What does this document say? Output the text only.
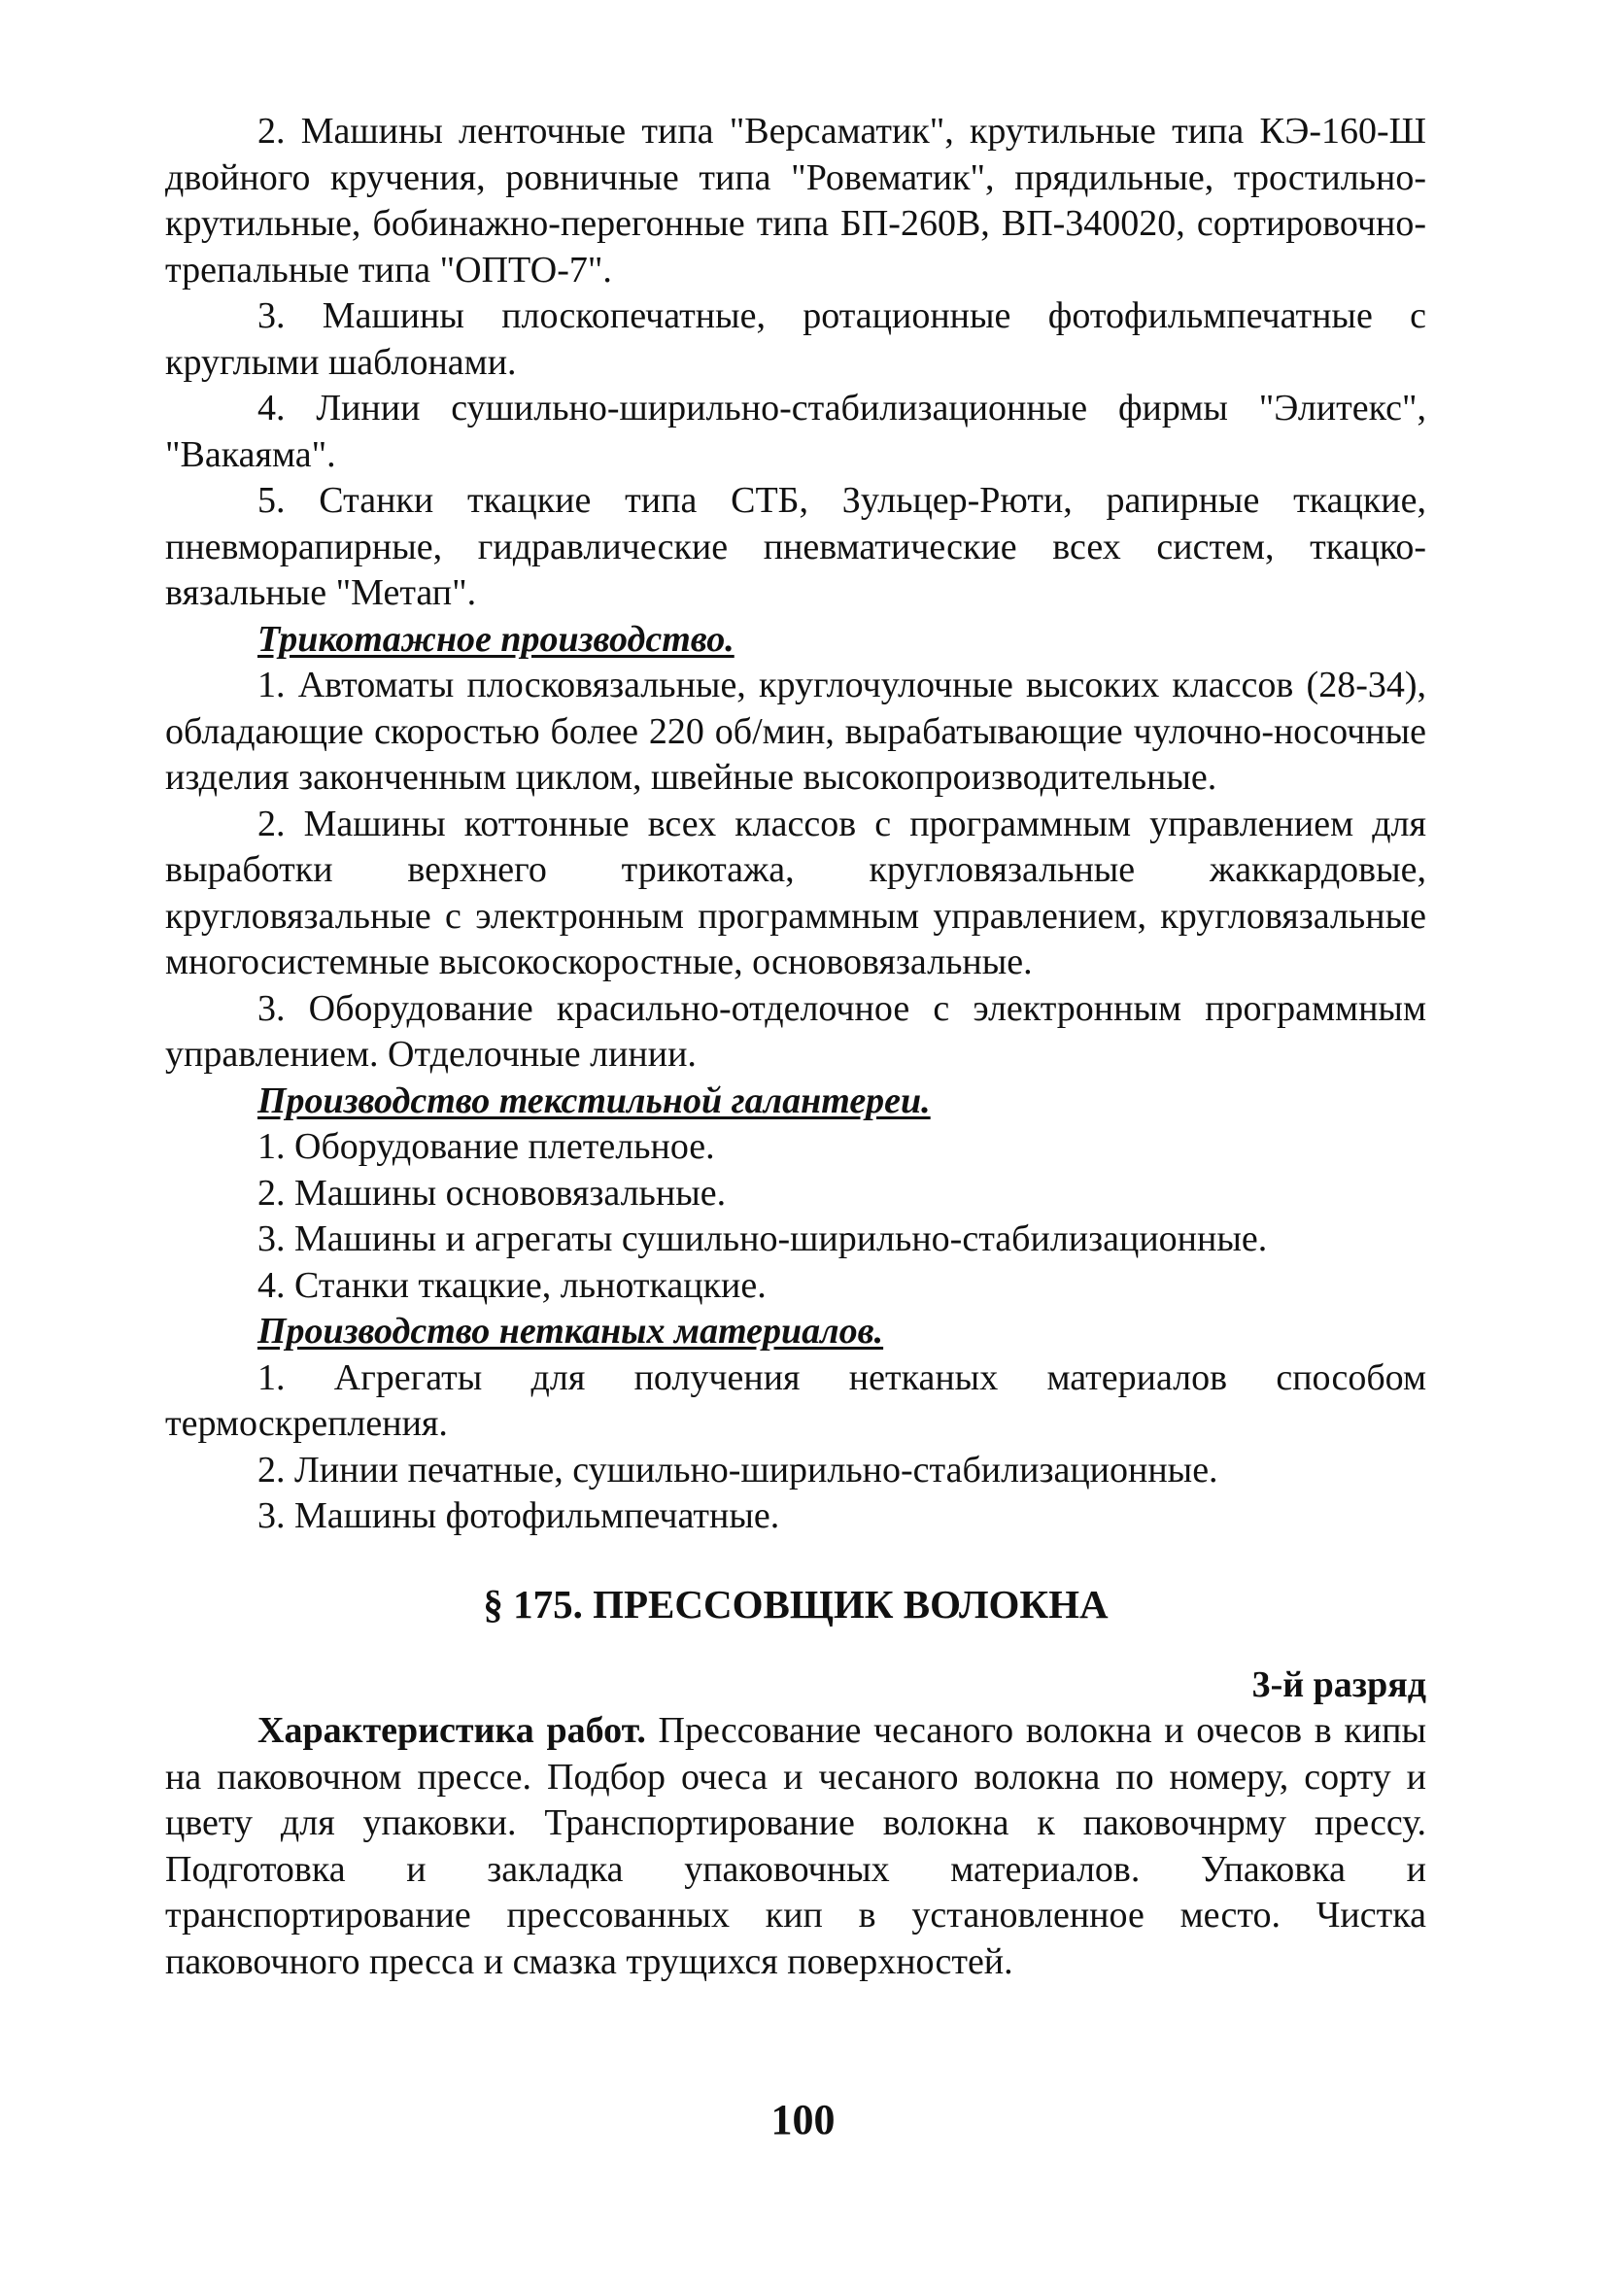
2. Машины ленточные типа "Версаматик", крутильные типа КЭ-160-Ш двойного кручения, ровничные типа "Ровематик", прядильные, тростильно-крутильные, бобинажно-перегонные типа БП-260В, ВП-340020, сортировочно-трепальные типа "ОПТО-7".

3. Машины плоскопечатные, ротационные фотофильмпечатные с круглыми шаблонами.

4. Линии сушильно-ширильно-стабилизационные фирмы "Элитекс", "Вакаяма".

5. Станки ткацкие типа СТБ, Зульцер-Рюти, рапирные ткацкие, пневморапирные, гидравлические пневматические всех систем, ткацко-вязальные "Метап".

Трикотажное производство.

1. Автоматы плосковязальные, круглочулочные высоких классов (28-34), обладающие скоростью более 220 об/мин, вырабатывающие чулочно-носочные изделия законченным циклом, швейные высокопроизводительные.

2. Машины коттонные всех классов с программным управлением для выработки верхнего трикотажа, кругловязальные жаккардовые, кругловязальные с электронным программным управлением, кругловязальные многосистемные высокоскоростные, основовязальные.

3. Оборудование красильно-отделочное с электронным программным управлением. Отделочные линии.

Производство текстильной галантереи.

1. Оборудование плетельное.

2. Машины основовязальные.

3. Машины и агрегаты сушильно-ширильно-стабилизационные.

4. Станки ткацкие, льноткацкие.

Производство нетканых материалов.

1. Агрегаты для получения нетканых материалов способом термоскрепления.

2. Линии печатные, сушильно-ширильно-стабилизационные.

3. Машины фотофильмпечатные.

§ 175. ПРЕССОВЩИК ВОЛОКНА

3-й разряд

Характеристика работ. Прессование чесаного волокна и очесов в кипы на паковочном прессе. Подбор очеса и чесаного волокна по номеру, сорту и цвету для упаковки. Транспортирование волокна к паковочнрму прессу. Подготовка и закладка упаковочных материалов. Упаковка и транспортирование прессованных кип в установленное место. Чистка паковочного пресса и смазка трущихся поверхностей.

100
